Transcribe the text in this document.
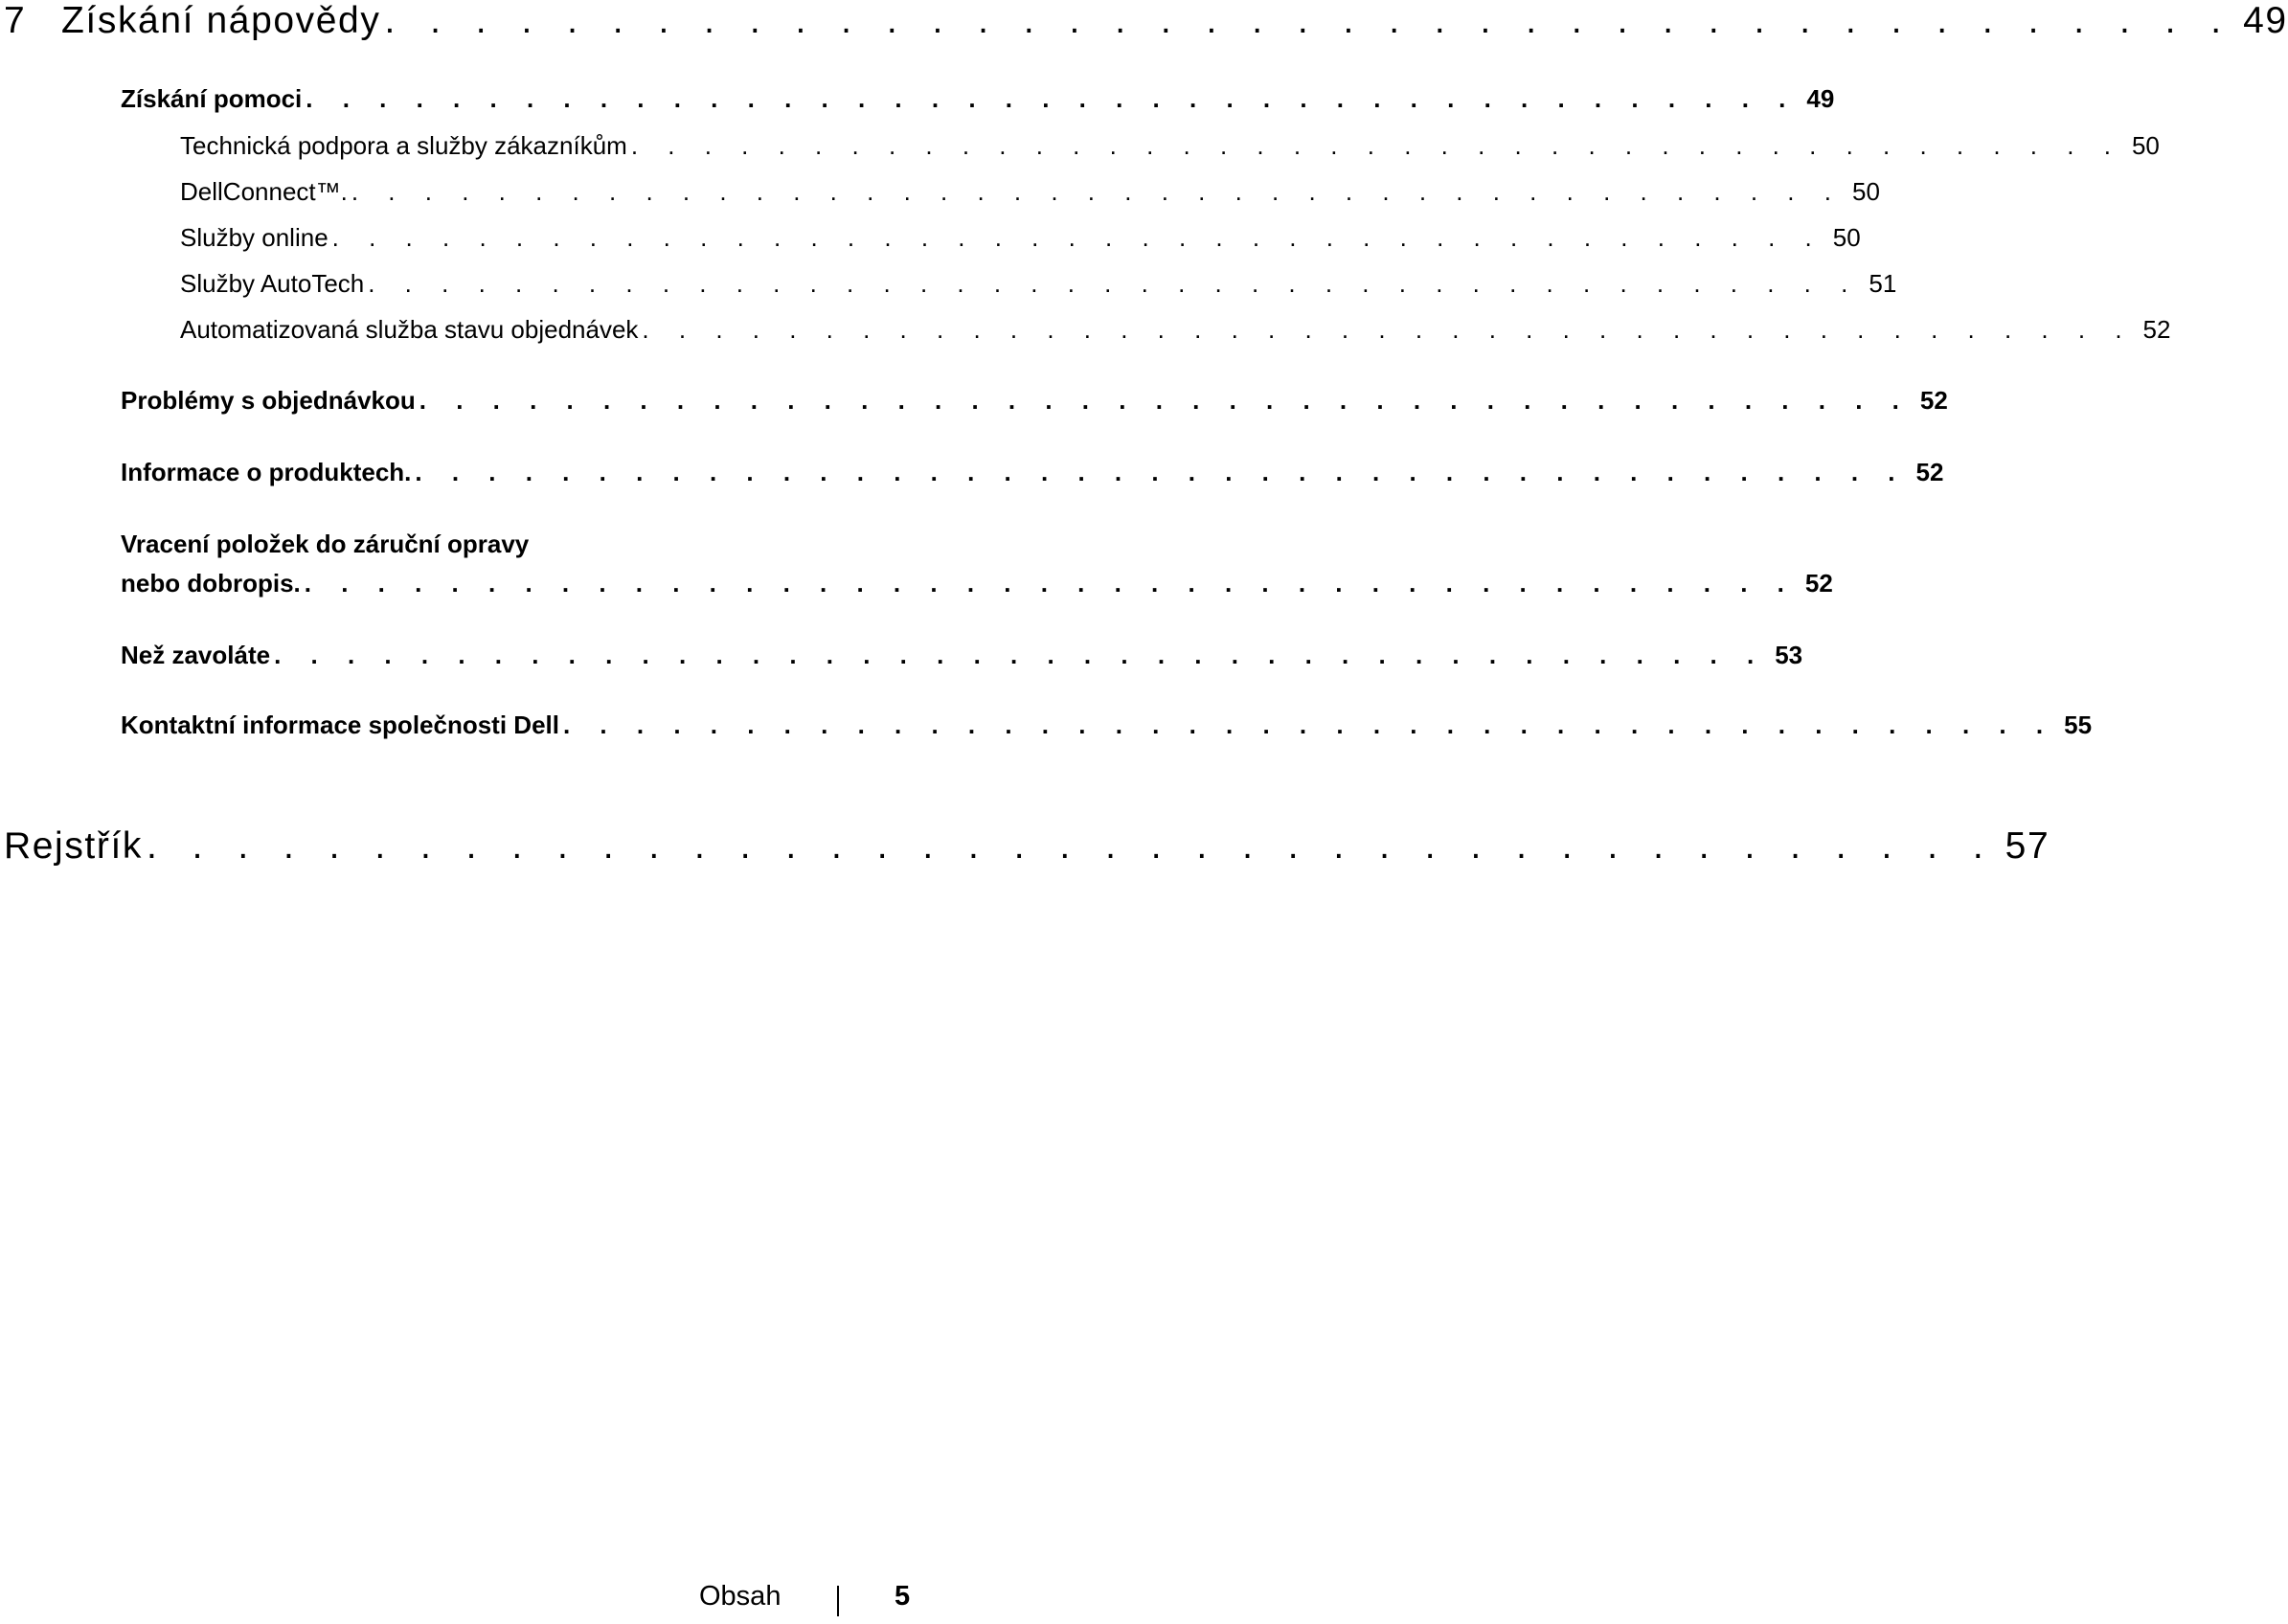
7 Získání nápovědy . . . . . . . . . . . . . . . . . . . . . . . . . . . . . . . . . . . . . . . . . 49
Získání pomoci . . . . . . . . . . . . . . . . . . . . . . . . . . . . . . . . . . . . . . . . . 49
Technická podpora a služby zákazníkům . . . . . . . . . . . . . . . . . . . . . . . . . . . . . . . . . . . . . . . . . 50
DellConnect™. . . . . . . . . . . . . . . . . . . . . . . . . . . . . . . . . . . . . . . . . . 50
Služby online . . . . . . . . . . . . . . . . . . . . . . . . . . . . . . . . . . . . . . . . . 50
Služby AutoTech . . . . . . . . . . . . . . . . . . . . . . . . . . . . . . . . . . . . . . . . . 51
Automatizovaná služba stavu objednávek . . . . . . . . . . . . . . . . . . . . . . . . . . . . . . . . . . . . . . . . . 52
Problémy s objednávkou . . . . . . . . . . . . . . . . . . . . . . . . . . . . . . . . . . . . . . . . . 52
Informace o produktech. . . . . . . . . . . . . . . . . . . . . . . . . . . . . . . . . . . . . . . . . . 52
Vracení položek do záruční opravy
nebo dobropis. . . . . . . . . . . . . . . . . . . . . . . . . . . . . . . . . . . . . . . . . . 52
Než zavoláte . . . . . . . . . . . . . . . . . . . . . . . . . . . . . . . . . . . . . . . . . 53
Kontaktní informace společnosti Dell . . . . . . . . . . . . . . . . . . . . . . . . . . . . . . . . . . . . . . . . . 55
Rejstřík . . . . . . . . . . . . . . . . . . . . . . . . . . . . . . . . . . . . . . . . . 57
Obsah	5
